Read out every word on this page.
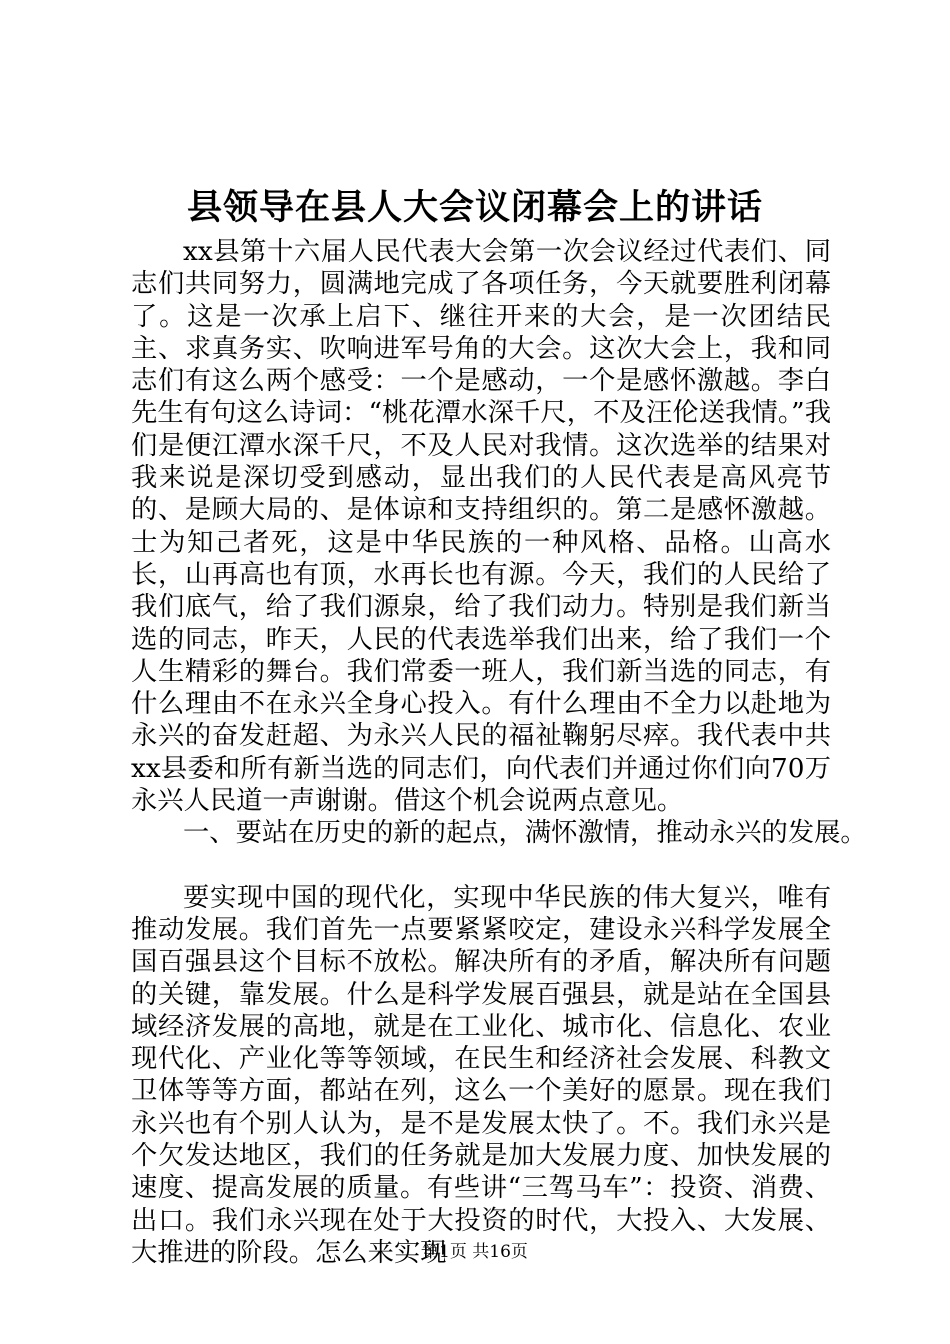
县领导在县人大会议闭幕会上的讲话

xx县第十六届人民代表大会第一次会议经过代表们、同志们共同努力，圆满地完成了各项任务，今天就要胜利闭幕了。这是一次承上启下、继往开来的大会，是一次团结民主、求真务实、吹响进军号角的大会。这次大会上，我和同志们有这么两个感受：一个是感动，一个是感怀激越。李白先生有句这么诗词：“桃花潭水深千尺，不及汪伦送我情。”我们是便江潭水深千尺，不及人民对我情。这次选举的结果对我来说是深切受到感动，显出我们的人民代表是高风亮节的、是顾大局的、是体谅和支持组织的。第二是感怀激越。士为知己者死，这是中华民族的一种风格、品格。山高水长，山再高也有顶，水再长也有源。今天，我们的人民给了我们底气，给了我们源泉，给了我们动力。特别是我们新当选的同志，昨天，人民的代表选举我们出来，给了我们一个人生精彩的舞台。我们常委一班人，我们新当选的同志，有什么理由不在永兴全身心投入。有什么理由不全力以赴地为永兴的奋发赶超、为永兴人民的福祉鞠躬尽瘁。我代表中共xx县委和所有新当选的同志们，向代表们并通过你们向70万永兴人民道一声谢谢。借这个机会说两点意见。

一、要站在历史的新的起点，满怀激情，推动永兴的发展。

要实现中国的现代化，实现中华民族的伟大复兴，唯有推动发展。我们首先一点要紧紧咬定，建设永兴科学发展全国百强县这个目标不放松。解决所有的矛盾，解决所有问题的关键，靠发展。什么是科学发展百强县，就是站在全国县域经济发展的高地，就是在工业化、城市化、信息化、农业现代化、产业化等等领域，在民生和经济社会发展、科教文卫体等等方面，都站在列，这么一个美好的愿景。现在我们永兴也有个别人认为，是不是发展太快了。不。我们永兴是个欠发达地区，我们的任务就是加大发展力度、加快发展的速度、提高发展的质量。有些讲“三驾马车”：投资、消费、出口。我们永兴现在处于大投资的时代，大投入、大发展、大推进的阶段。怎么来实现

第1页 共16页
